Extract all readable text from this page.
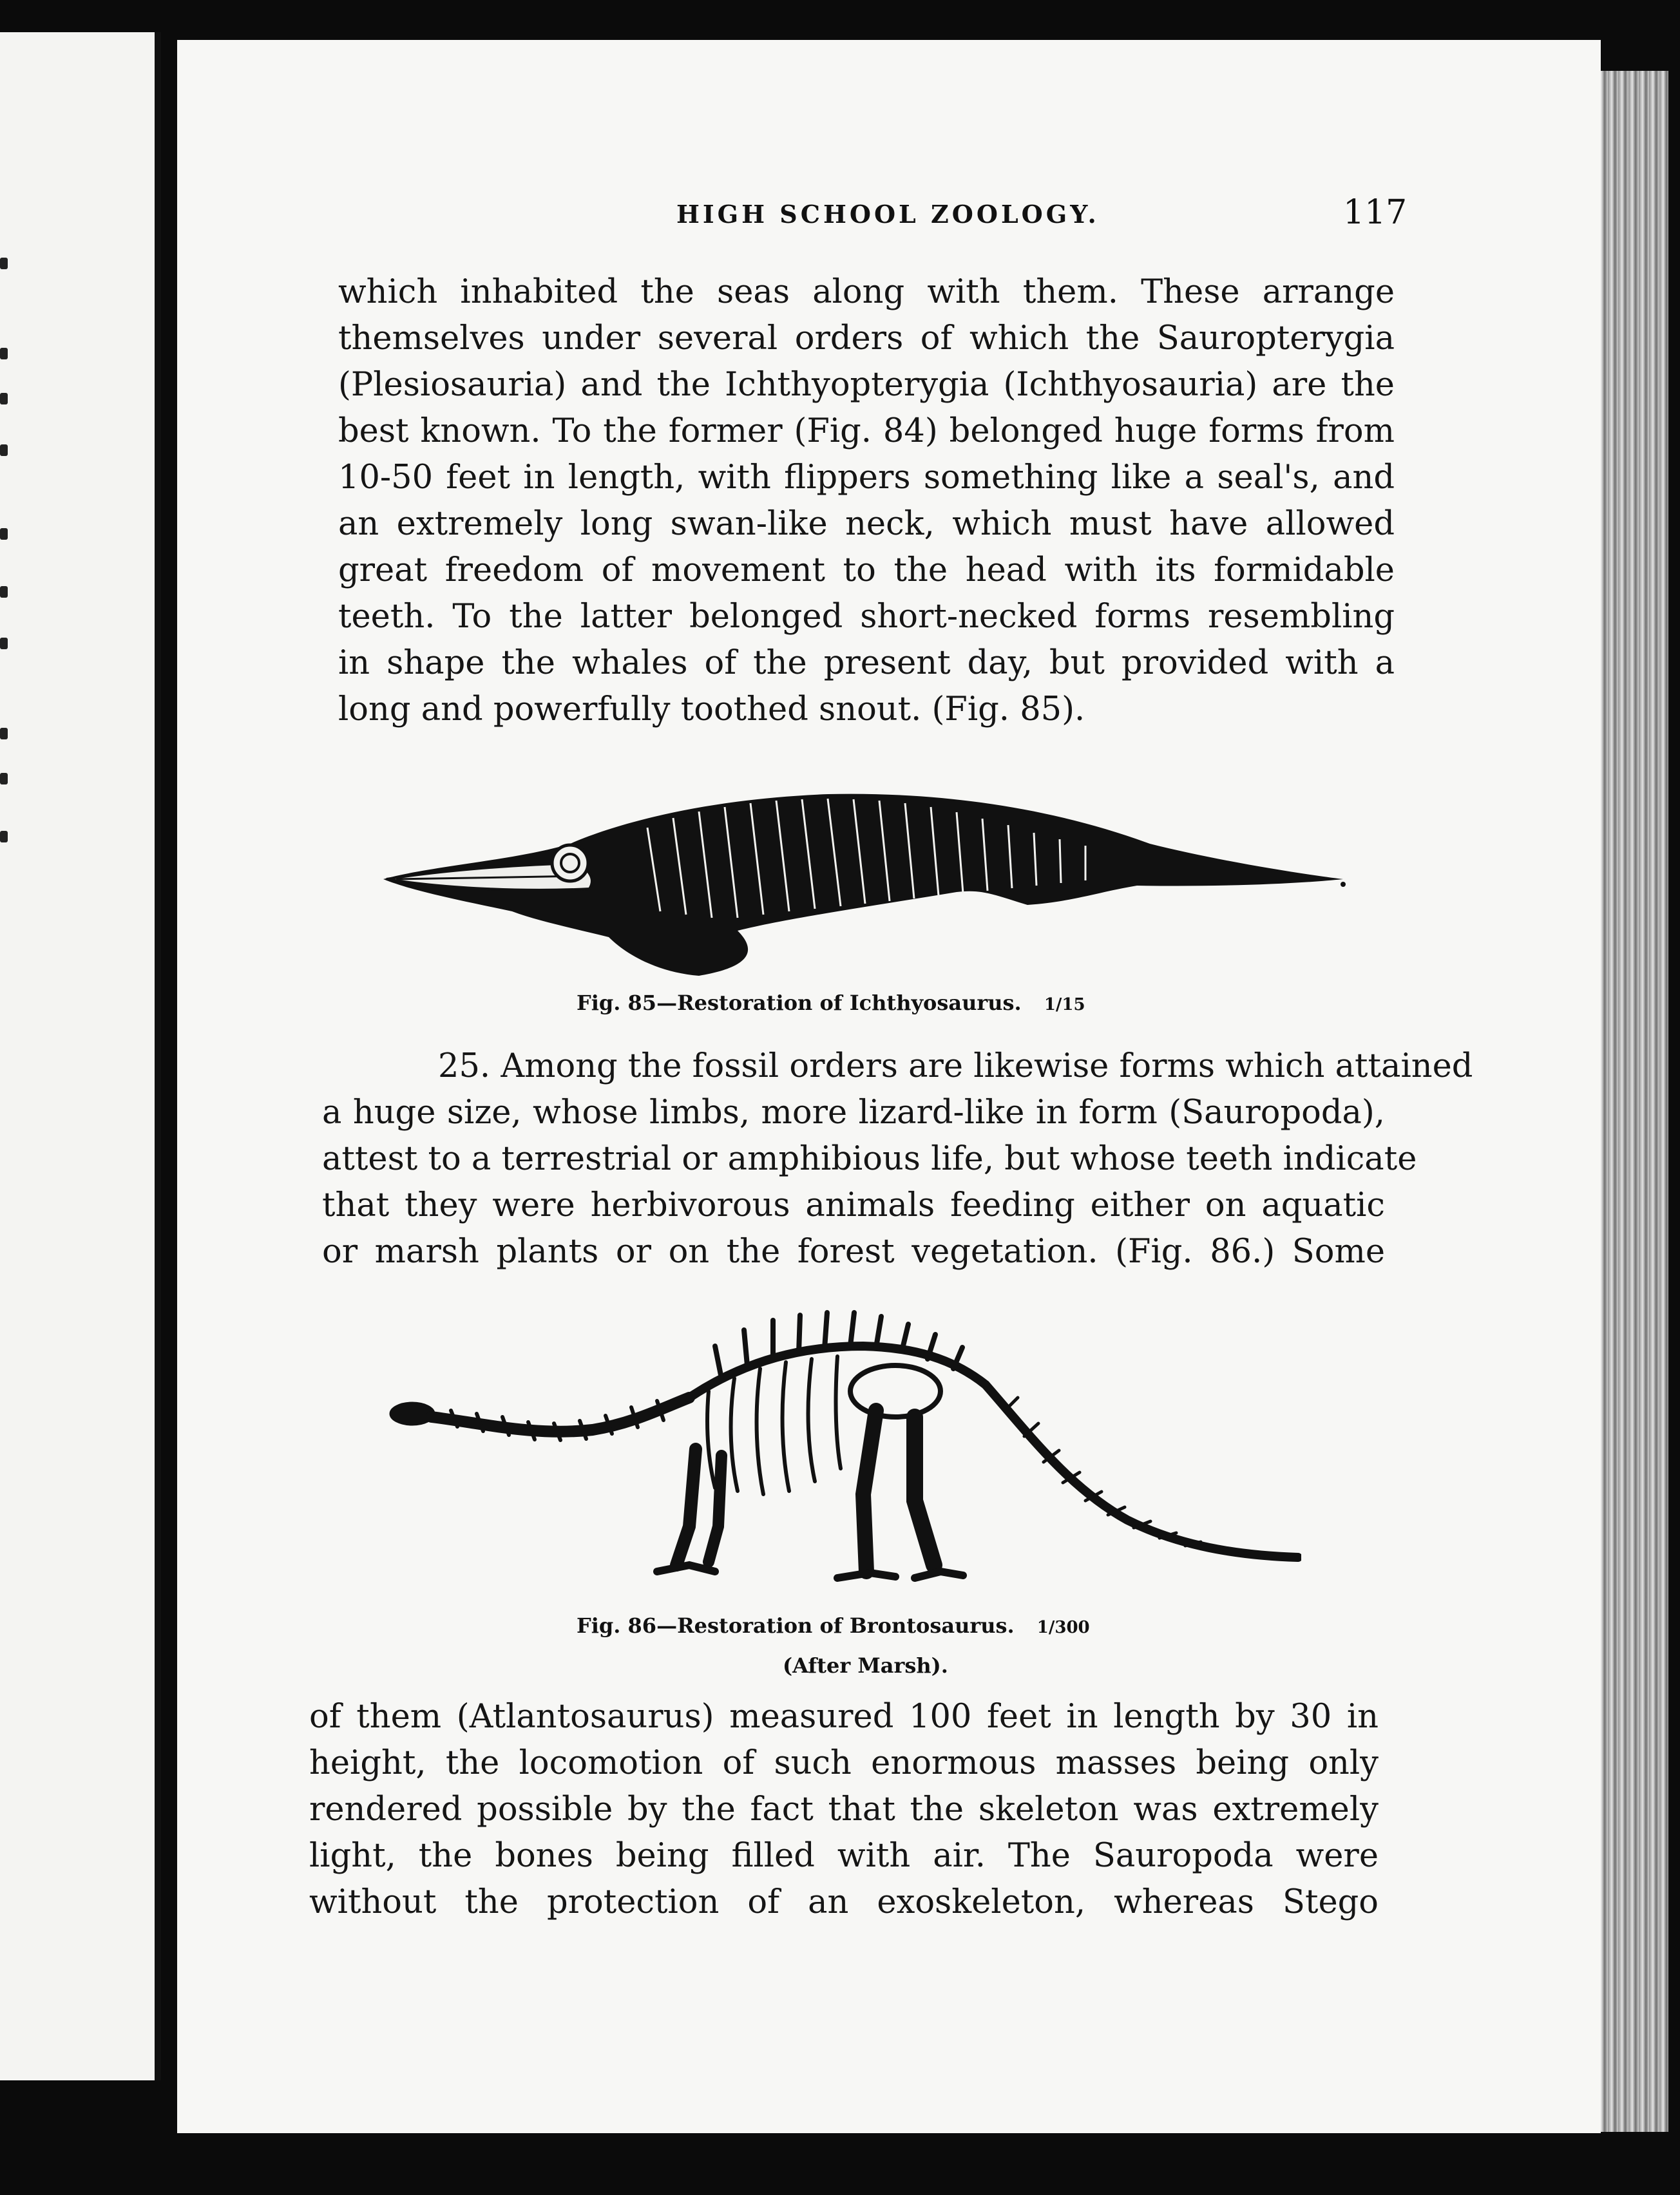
HIGH SCHOOL ZOOLOGY.	117
which inhabited the seas along with them. These arrange
themselves under several orders of which the Sauropterygia
(Plesiosauria) and the Ichthyopterygia (Ichthyosauria) are the
best known. To the former (Fig. 84) belonged huge forms from
10-50 feet in length, with flippers something like a seal's, and
an extremely long swan-like neck, which must have allowed
great freedom of movement to the head with its formidable
teeth. To the latter belonged short-necked forms resembling
in shape the whales of the present day, but provided with a
long and powerfully toothed snout. (Fig. 85).
Fig. 85—Restoration of Ichthyosaurus. 1/15
25. Among the fossil orders are likewise forms which attained
a huge size, whose limbs, more lizard-like in form (Sauropoda),
attest to a terrestrial or amphibious life, but whose teeth indicate
that they were herbivorous animals feeding either on aquatic
or marsh plants or on the forest vegetation. (Fig. 86.) Some
Fig. 86—Restoration of Brontosaurus. 1/300
(After Marsh).
of them (Atlantosaurus) measured 100 feet in length by 30 in
height, the locomotion of such enormous masses being only
rendered possible by the fact that the skeleton was extremely
light, the bones being filled with air. The Sauropoda were
without the protection of an exoskeleton, whereas Stego
